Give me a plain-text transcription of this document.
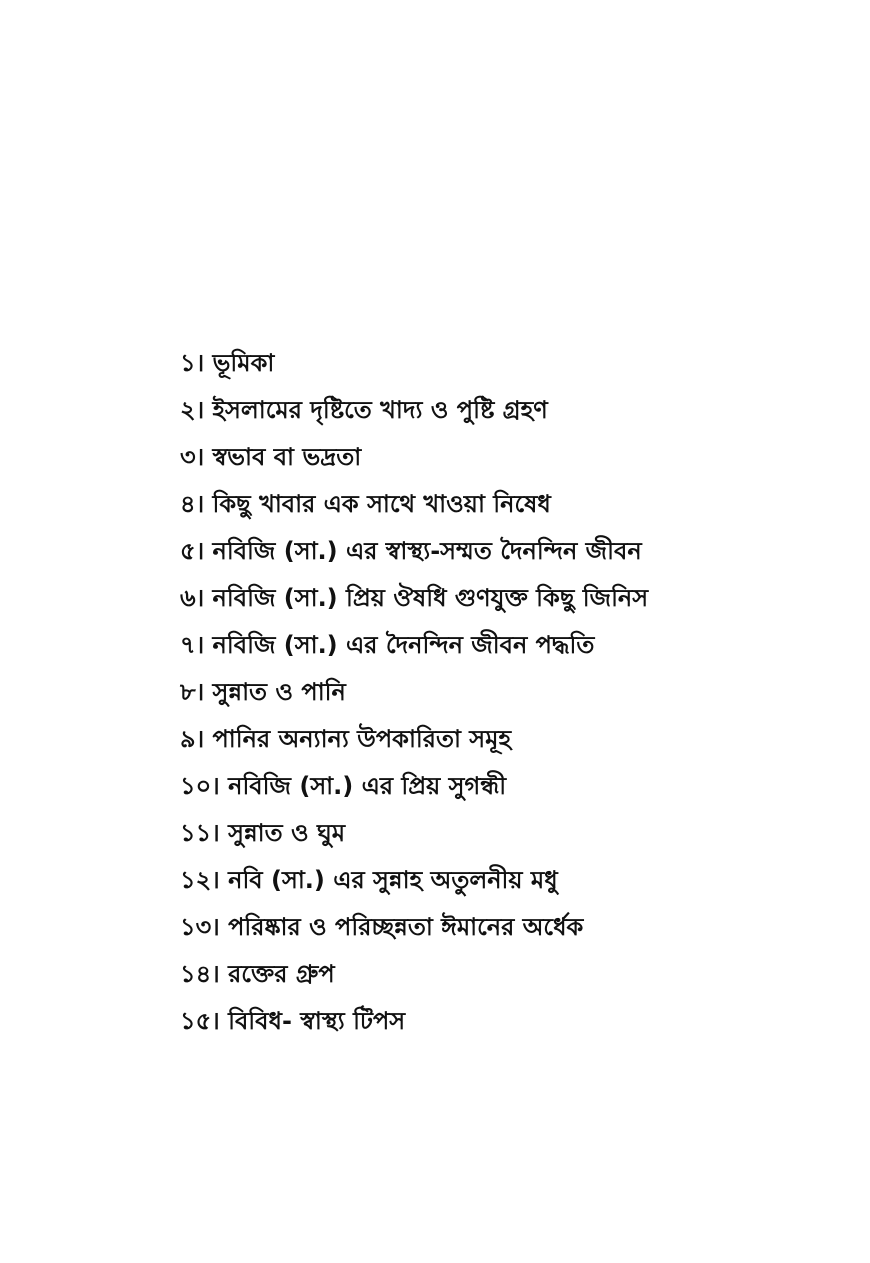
১। ভূমিকা
২। ইসলামের দৃষ্টিতে খাদ্য ও পুষ্টি গ্রহণ
৩। স্বভাব বা ভদ্রতা
৪। কিছু খাবার এক সাথে খাওয়া নিষেধ
৫। নবিজি (সা.) এর স্বাস্থ্য-সম্মত দৈনন্দিন জীবন
৬। নবিজি (সা.) প্রিয় ঔষধি গুণযুক্ত কিছু জিনিস
৭। নবিজি (সা.) এর দৈনন্দিন জীবন পদ্ধতি
৮। সুন্নাত ও পানি
৯। পানির অন্যান্য উপকারিতা সমূহ
১০। নবিজি (সা.) এর প্রিয় সুগন্ধী
১১। সুন্নাত ও ঘুম
১২। নবি (সা.) এর সুন্নাহ অতুলনীয় মধু
১৩। পরিষ্কার ও পরিচ্ছন্নতা ঈমানের অর্ধেক
১৪। রক্তের গ্রুপ
১৫। বিবিধ- স্বাস্থ্য টিপস
